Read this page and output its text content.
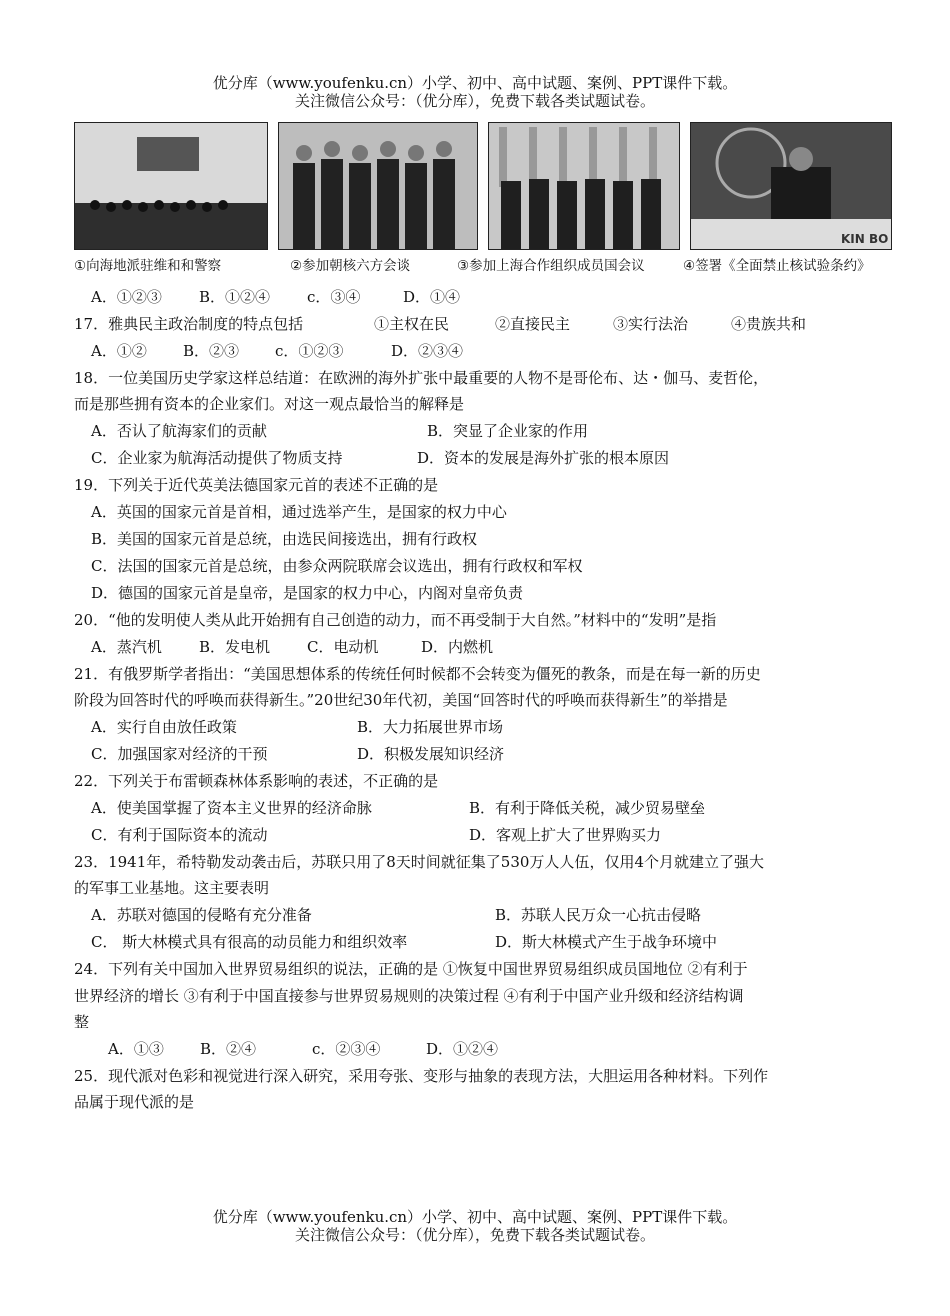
优分库（www.youfenku.cn）小学、初中、高中试题、案例、PPT课件下载。
关注微信公众号：（优分库），免费下载各类试题试卷。
KIN BO
①向海地派驻维和和警察	②参加朝核六方会谈	③参加上海合作组织成员国会议	④签署《全面禁止核试验条约》
A．①②③ B．①②④ c．③④	D．①④
17．雅典民主政治制度的特点包括	①主权在民	②直接民主	③实行法治	④贵族共和
A．①② B．②③ c．①②③	D．②③④
18．一位美国历史学家这样总结道：在欧洲的海外扩张中最重要的人物不是哥伦布、达・伽马、麦哲伦，
而是那些拥有资本的企业家们。对这一观点最恰当的解释是
A．否认了航海家们的贡献	B．突显了企业家的作用
C．企业家为航海活动提供了物质支持	D．资本的发展是海外扩张的根本原因
19．下列关于近代英美法德国家元首的表述不正确的是
A．英国的国家元首是首相，通过选举产生，是国家的权力中心
B．美国的国家元首是总统，由选民间接选出，拥有行政权
C．法国的国家元首是总统，由参众两院联席会议选出，拥有行政权和军权
D．德国的国家元首是皇帝，是国家的权力中心，内阁对皇帝负责
20．“他的发明使人类从此开始拥有自己创造的动力，而不再受制于大自然。”材料中的“发明”是指
A．蒸汽机 B．发电机 C．电动机	D．内燃机
21．有俄罗斯学者指出：“美国思想体系的传统任何时候都不会转变为僵死的教条，而是在每一新的历史
阶段为回答时代的呼唤而获得新生。”20世纪30年代初，美国“回答时代的呼唤而获得新生”的举措是
A．实行自由放任政策	B．大力拓展世界市场
C．加强国家对经济的干预	D．积极发展知识经济
22．下列关于布雷顿森林体系影响的表述，不正确的是
A．使美国掌握了资本主义世界的经济命脉	B．有利于降低关税，减少贸易壁垒
C．有利于国际资本的流动	D．客观上扩大了世界购买力
23．1941年，希特勒发动袭击后，苏联只用了8天时间就征集了530万人人伍，仅用4个月就建立了强大
的军事工业基地。这主要表明
A．苏联对德国的侵略有充分准备	B．苏联人民万众一心抗击侵略
C． 斯大林模式具有很高的动员能力和组织效率	D．斯大林模式产生于战争环境中
24．下列有关中国加入世界贸易组织的说法，正确的是 ①恢复中国世界贸易组织成员国地位 ②有利于
世界经济的增长 ③有利于中国直接参与世界贸易规则的决策过程 ④有利于中国产业升级和经济结构调
整
A．①③ B．②④	c．②③④	D．①②④
25．现代派对色彩和视觉进行深入研究，采用夸张、变形与抽象的表现方法，大胆运用各种材料。下列作
品属于现代派的是
优分库（www.youfenku.cn）小学、初中、高中试题、案例、PPT课件下载。
关注微信公众号：（优分库），免费下载各类试题试卷。
